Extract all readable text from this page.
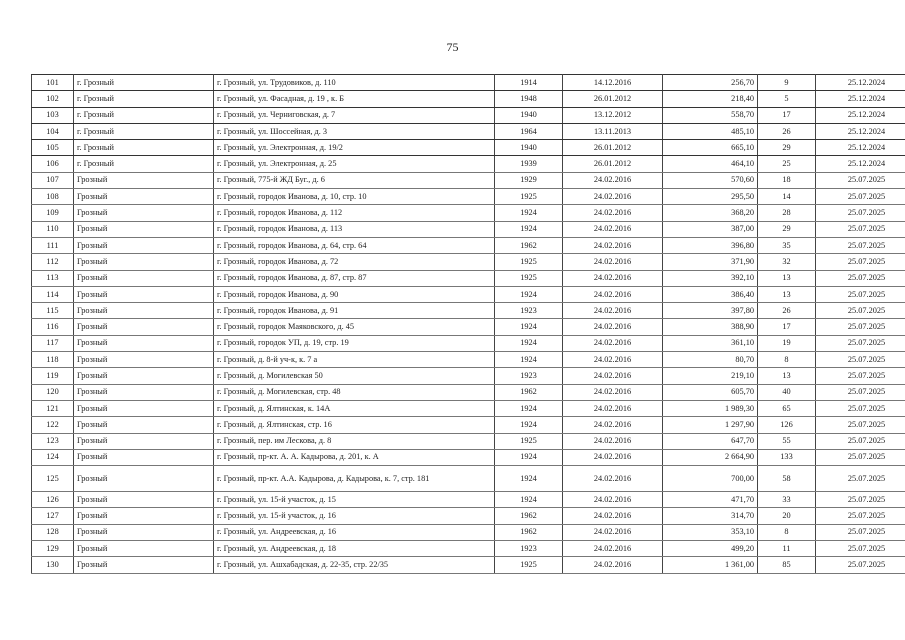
75
101	г. Грозный	г. Грозный, ул. Трудовиков, д. 110	1914	14.12.2016	256,70	9	25.12.2024
102	г. Грозный	г. Грозный, ул. Фасадная, д. 19 , к. Б	1948	26.01.2012	218,40	5	25.12.2024
103	г. Грозный	г. Грозный, ул. Черниговская, д. 7	1940	13.12.2012	558,70	17	25.12.2024
104	г. Грозный	г. Грозный, ул. Шоссейная, д. 3	1964	13.11.2013	485,10	26	25.12.2024
105	г. Грозный	г. Грозный, ул. Электронная, д. 19/2	1940	26.01.2012	665,10	29	25.12.2024
106	г. Грозный	г. Грозный, ул. Электронная, д. 25	1939	26.01.2012	464,10	25	25.12.2024
107	Грозный	г. Грозный, 775-й ЖД Буг., д. 6	1929	24.02.2016	570,60	18	25.07.2025
108	Грозный	г. Грозный, городок Иванова, д. 10, стр. 10	1925	24.02.2016	295,50	14	25.07.2025
109	Грозный	г. Грозный, городок Иванова, д. 112	1924	24.02.2016	368,20	28	25.07.2025
110	Грозный	г. Грозный, городок Иванова, д. 113	1924	24.02.2016	387,00	29	25.07.2025
111	Грозный	г. Грозный, городок Иванова, д. 64, стр. 64	1962	24.02.2016	396,80	35	25.07.2025
112	Грозный	г. Грозный, городок Иванова, д. 72	1925	24.02.2016	371,90	32	25.07.2025
113	Грозный	г. Грозный, городок Иванова, д. 87, стр. 87	1925	24.02.2016	392,10	13	25.07.2025
114	Грозный	г. Грозный, городок Иванова, д. 90	1924	24.02.2016	386,40	13	25.07.2025
115	Грозный	г. Грозный, городок Иванова, д. 91	1923	24.02.2016	397,80	26	25.07.2025
116	Грозный	г. Грозный, городок Маяковского, д. 45	1924	24.02.2016	388,90	17	25.07.2025
117	Грозный	г. Грозный, городок УП, д. 19, стр. 19	1924	24.02.2016	361,10	19	25.07.2025
118	Грозный	г. Грозный, д. 8-й уч-к, к. 7 а	1924	24.02.2016	80,70	8	25.07.2025
119	Грозный	г. Грозный, д. Могилевская 50	1923	24.02.2016	219,10	13	25.07.2025
120	Грозный	г. Грозный, д. Могилевская, стр. 48	1962	24.02.2016	605,70	40	25.07.2025
121	Грозный	г. Грозный, д. Ялтинская, к. 14А	1924	24.02.2016	1 989,30	65	25.07.2025
122	Грозный	г. Грозный, д. Ялтинская, стр. 16	1924	24.02.2016	1 297,90	126	25.07.2025
123	Грозный	г. Грозный, пер. им Лескова, д. 8	1925	24.02.2016	647,70	55	25.07.2025
124	Грозный	г. Грозный, пр-кт. А. А. Кадырова, д. 201, к. А	1924	24.02.2016	2 664,90	133	25.07.2025
125	Грозный	г. Грозный, пр-кт. А.А. Кадырова, д. Кадырова, к. 7, стр. 181	1924	24.02.2016	700,00	58	25.07.2025
126	Грозный	г. Грозный, ул. 15-й участок, д. 15	1924	24.02.2016	471,70	33	25.07.2025
127	Грозный	г. Грозный, ул. 15-й участок, д. 16	1962	24.02.2016	314,70	20	25.07.2025
128	Грозный	г. Грозный, ул. Андреевская, д. 16	1962	24.02.2016	353,10	8	25.07.2025
129	Грозный	г. Грозный, ул. Андреевская, д. 18	1923	24.02.2016	499,20	11	25.07.2025
130	Грозный	г. Грозный, ул. Ашхабадская, д. 22-35, стр. 22/35	1925	24.02.2016	1 361,00	85	25.07.2025
